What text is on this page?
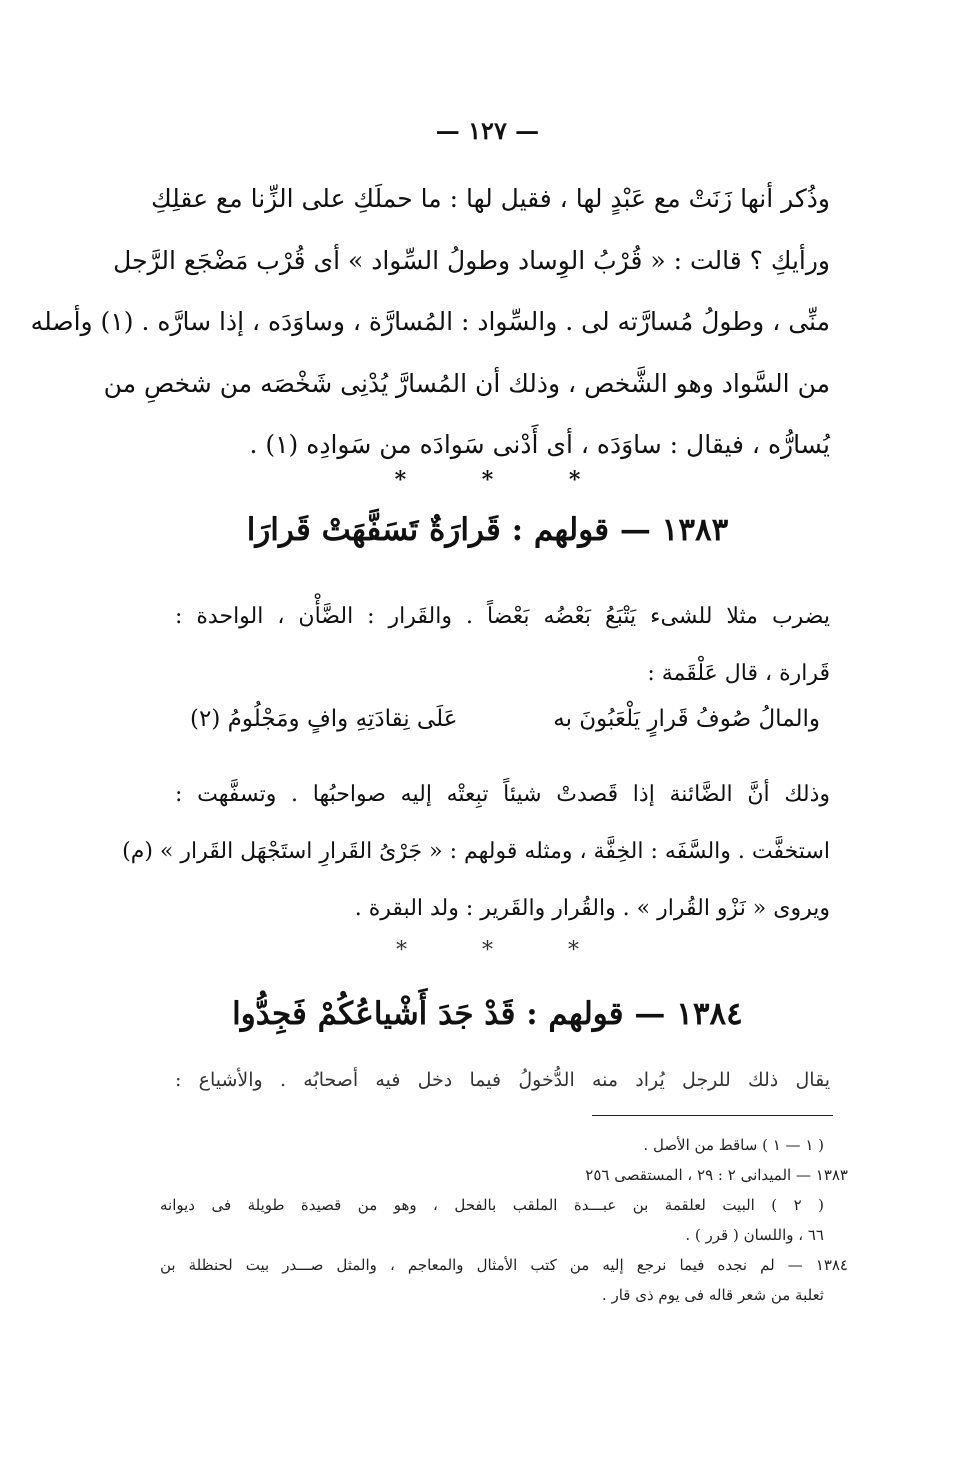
— ١٢٧ —
وذُكر أنها زَنَتْ مع عَبْدٍ لها ، فقيل لها : ما حملَكِ على الزِّنا مع عقلِكِ
ورأيكِ ؟ قالت : « قُرْبُ الوِساد وطولُ السِّواد » أى قُرْب مَضْجَع الرَّجل
منِّى ، وطولُ مُسارَّته لى . والسِّواد : المُسارَّة ، وساوَدَه ، إذا سارَّه . (١) وأصله
من السَّواد وهو الشَّخص ، وذلك أن المُسارَّ يُدْنِى شَخْصَه من شخصِ من
يُسارُّه ، فيقال : ساوَدَه ، أى أَدْنى سَوادَه من سَوادِه (١) .
* * *
١٣٨٣ — قولهم : قَرارَةٌ تَسَفَّهَتْ قَرارَا
يضرب مثلا للشىء يَتْبَعُ بَعْضُه بَعْضاً . والقَرار : الضَّأْن ، الواحدة :
قَرارة ، قال عَلْقَمة :
والمالُ صُوفُ قَرارٍ يَلْعَبُونَ به
عَلَى نِقادَتِهِ وافٍ ومَجْلُومُ (٢)
وذلك أنَّ الضَّائنة إذا قَصدتْ شيئاً تبِعتْه إليه صواحبُها . وتسفَّهت :
استخفَّت . والسَّفَه : الخِفَّة ، ومثله قولهم : « جَرْىُ القَرارِ استَجْهَل القَرار » (م)
ويروى « نَزْو القُرار » . والقُرار والقَرير : ولد البقرة .
* * *
١٣٨٤ — قولهم : قَدْ جَدَ أَشْياعُكُمْ فَجِدُّوا
يقال ذلك للرجل يُراد منه الدُّخولُ فيما دخل فيه أصحابُه . والأشياع :
( ١ — ١ ) ساقط من الأصل .
١٣٨٣ — الميدانى ٢ : ٢٩ ، المستقصى ٢٥٦
( ٢ ) البيت لعلقمة بن عبـــدة الملقب بالفحل ، وهو من قصيدة طويلة فى ديوانه
٦٦ ، واللسان ( قرر ) .
١٣٨٤ — لم نجده فيما نرجع إليه من كتب الأمثال والمعاجم ، والمثل صـــدر بيت لحنظلة بن
ثعلبة من شعر قاله فى يوم ذى قار .
